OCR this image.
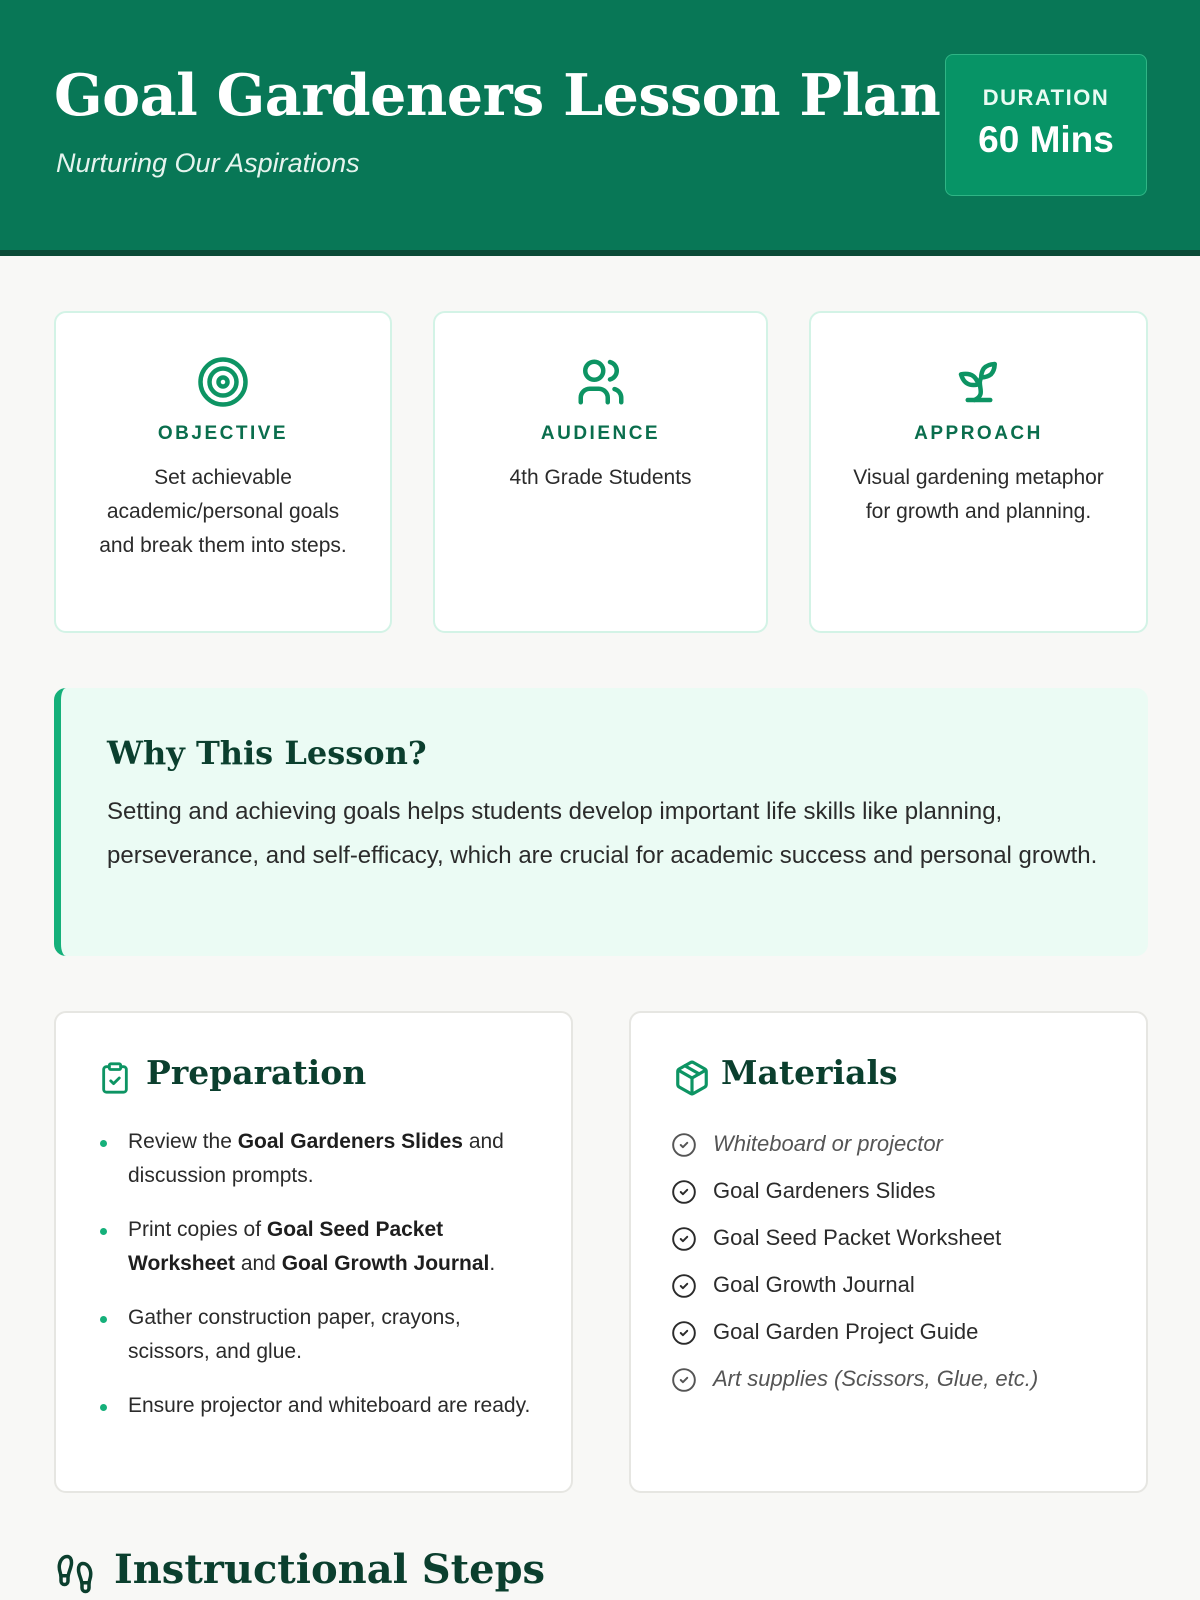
Goal Gardeners Lesson Plan
Nurturing Our Aspirations
DURATION
60 Mins
OBJECTIVE
Set achievable academic/personal goals and break them into steps.
AUDIENCE
4th Grade Students
APPROACH
Visual gardening metaphor for growth and planning.
Why This Lesson?
Setting and achieving goals helps students develop important life skills like planning, perseverance, and self-efficacy, which are crucial for academic success and personal growth.
Preparation
Review the Goal Gardeners Slides and discussion prompts.
Print copies of Goal Seed Packet Worksheet and Goal Growth Journal.
Gather construction paper, crayons, scissors, and glue.
Ensure projector and whiteboard are ready.
Materials
Whiteboard or projector
Goal Gardeners Slides
Goal Seed Packet Worksheet
Goal Growth Journal
Goal Garden Project Guide
Art supplies (Scissors, Glue, etc.)
Instructional Steps
